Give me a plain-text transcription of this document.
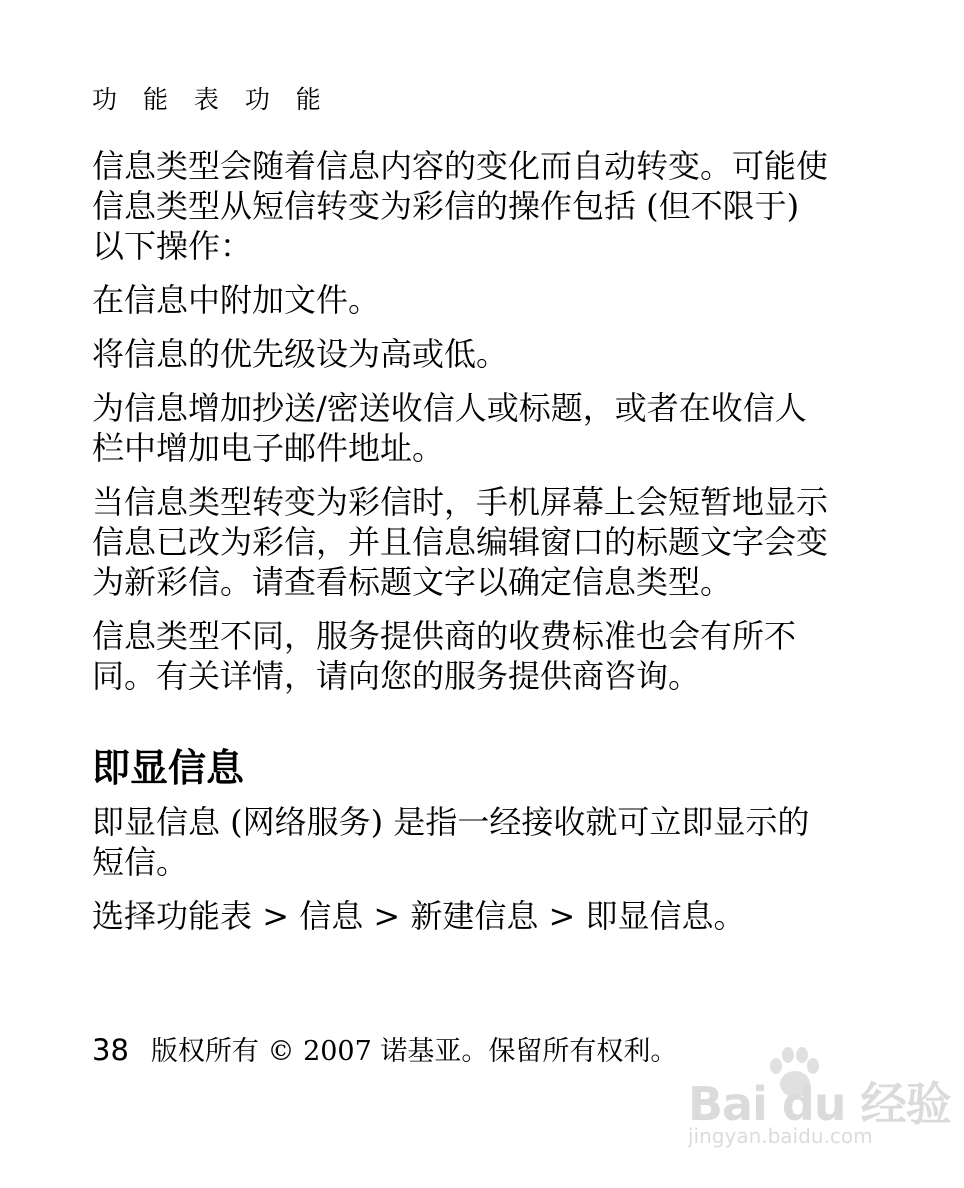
功 能 表 功 能

信息类型会随着信息内容的变化而自动转变。可能使
信息类型从短信转变为彩信的操作包括 (但不限于)
以下操作：

在信息中附加文件。

将信息的优先级设为高或低。

为信息增加抄送/密送收信人或标题，或者在收信人
栏中增加电子邮件地址。

当信息类型转变为彩信时，手机屏幕上会短暂地显示
信息已改为彩信，并且信息编辑窗口的标题文字会变
为新彩信。请查看标题文字以确定信息类型。

信息类型不同，服务提供商的收费标准也会有所不
同。有关详情，请向您的服务提供商咨询。

即显信息

即显信息 (网络服务) 是指一经接收就可立即显示的
短信。

选择功能表 > 信息 > 新建信息 > 即显信息。

38 版权所有 © 2007 诺基亚。保留所有权利。
Bai du 经验
jingyan.baidu.com
